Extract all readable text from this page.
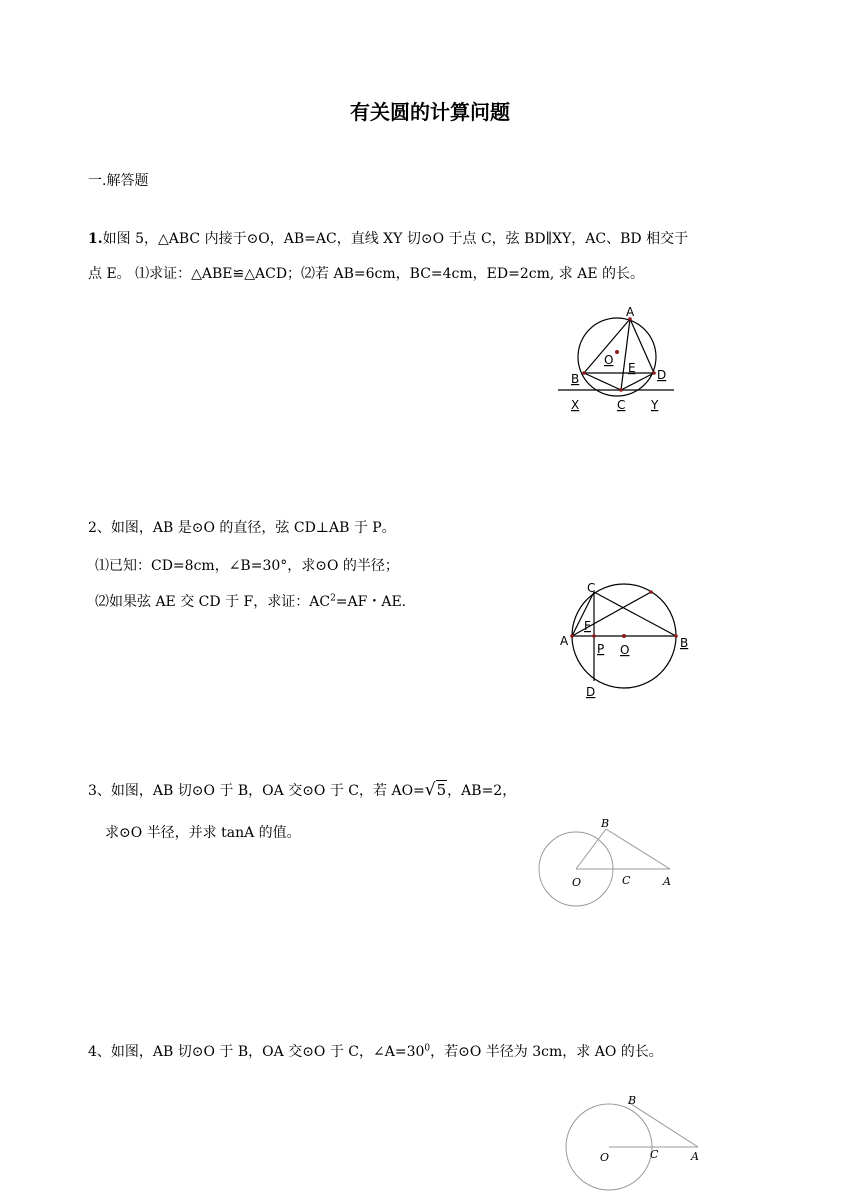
有关圆的计算问题
一.解答题
1.如图 5，△ABC 内接于⊙O，AB=AC，直线 XY 切⊙O 于点 C，弦 BD∥XY，AC、BD 相交于
点 E。 ⑴求证：△ABE≌△ACD；⑵若 AB=6cm，BC=4cm，ED=2cm, 求 AE 的长。
A
O
E
B	D
X	C Y
2、如图，AB 是⊙O 的直径，弦 CD⊥AB 于 P。
⑴已知：CD=8cm，∠B=30°，求⊙O 的半径；
⑵如果弦 AE 交 CD 于 F，求证：$AC^2=AF$・AE.
C
A
F
P O	B
D
3、如图，AB 切⊙O 于 B，OA 交⊙O 于 C，若 AO=√5，AB=2，
求⊙O 半径，并求 tanA 的值。
B
O	C	A
4、如图，AB 切⊙O 于 B，OA 交⊙O 于 C，$\angle A=30^0$，若⊙O 半径为 3cm，求 AO 的长。
B
O	C	A
